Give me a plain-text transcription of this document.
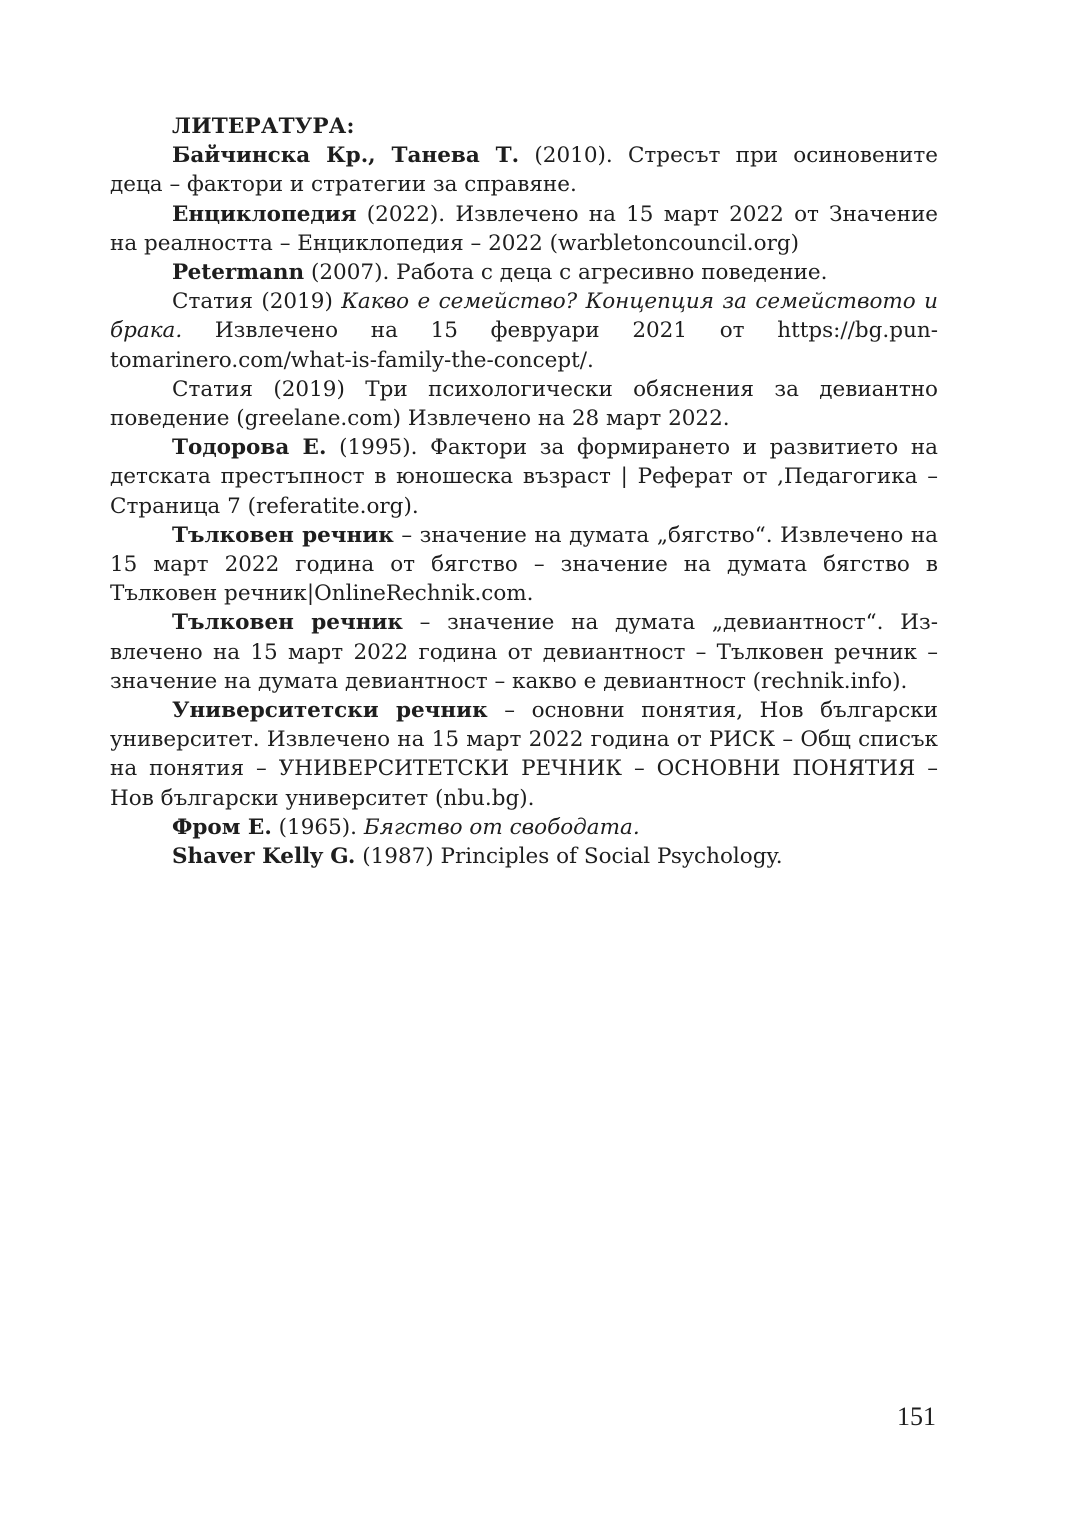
ЛИТЕРАТУРА:

Байчинска Кр., Танева Т. (2010). Стресът при осиновените деца – фактори и стратегии за справяне.

Енциклопедия (2022). Извлечено на 15 март 2022 от Значение на реалността – Енциклопедия – 2022 (warbletoncouncil.org)

Petermann (2007). Работа с деца с агресивно поведение.

Статия (2019) Какво е семейство? Концепция за семейството и брака. Извлечено на 15 февруари 2021 от https://bg.puntomarinero.com/what-is-family-the-concept/.

Статия (2019) Три психологически обяснения за девиантно поведение (greelane.com) Извлечено на 28 март 2022.

Тодорова Е. (1995). Фактори за формирането и развитието на детската престъпност в юношеска възраст | Реферат от ,Педагогика – Страница 7 (referatite.org).

Тълковен речник – значение на думата „бягство“. Извлечено на 15 март 2022 година от бягство – значение на думата бягство в Тълковен речник|OnlineRechnik.com.

Тълковен речник – значение на думата „девиантност“. Извлечено на 15 март 2022 година от девиантност – Тълковен речник – значение на думата девиантност – какво е девиантност (rechnik.info).

Университетски речник – основни понятия, Нов български университет. Извлечено на 15 март 2022 година от РИСК – Общ списък на понятия – УНИВЕРСИТЕТСКИ РЕЧНИК – ОСНОВНИ ПОНЯТИЯ – Нов български университет (nbu.bg).

Фром Е. (1965). Бягство от свободата.

Shaver Kelly G. (1987) Principles of Social Psychology.

151
